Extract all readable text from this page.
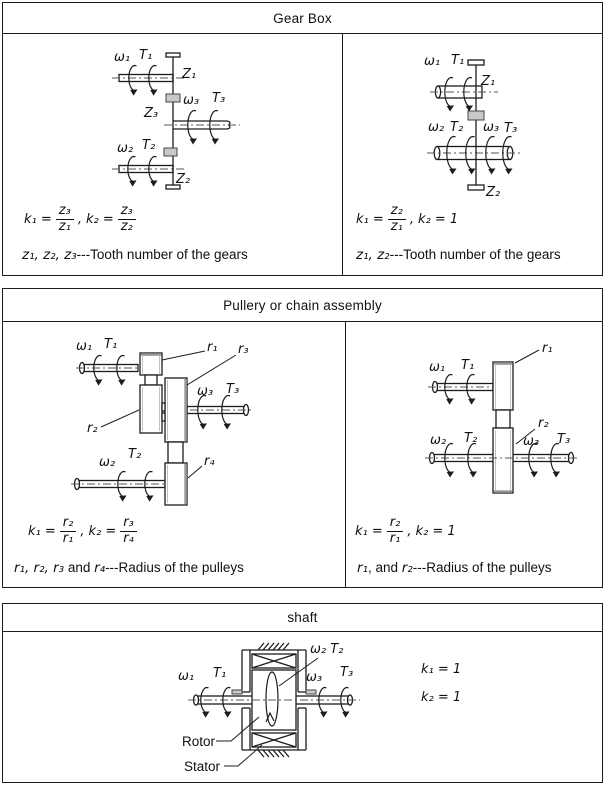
Gear Box
Pullery or chain assembly
shaft
ω₁ T₁
Z₁
ω₃ T₃
Z₃
ω₂ T₂
Z₂
ω₁ T₁
Z₁
ω₂ T₂ ω₃ T₃
Z₂
ω₁ T₁	r₁ r₃
ω₃ T₃
r₂
ω₂
T₂	r₄
r₁
ω₁ T₁
r₂
ω₂ T₂	ω₃ T₃
ω₁ T₁
ω₂ T₂
ω₃ T₃
Rotor
Stator
$k_1 = \frac{\text{z₃}}{\text{z₁}}$ , $k_2 = \frac{\text{z₃}}{\text{z₂}}$
z₁, z₂, z₃---Tooth number of the gears
$k_1 = \frac{\text{z₂}}{\text{z₁}}$ , k₂ = 1
z₁, z₂---Tooth number of the gears
$k_1 = \frac{\text{r₂}}{\text{r₁}}$ , $k_2 = \frac{\text{r₃}}{\text{r₄}}$
r₁, r₂, r₃ and r₄---Radius of the pulleys
$k_1 = \frac{\text{r₂}}{\text{r₁}}$ , k₂ = 1
r₁, and r₂---Radius of the pulleys
k₁ = 1
k₂ = 1
